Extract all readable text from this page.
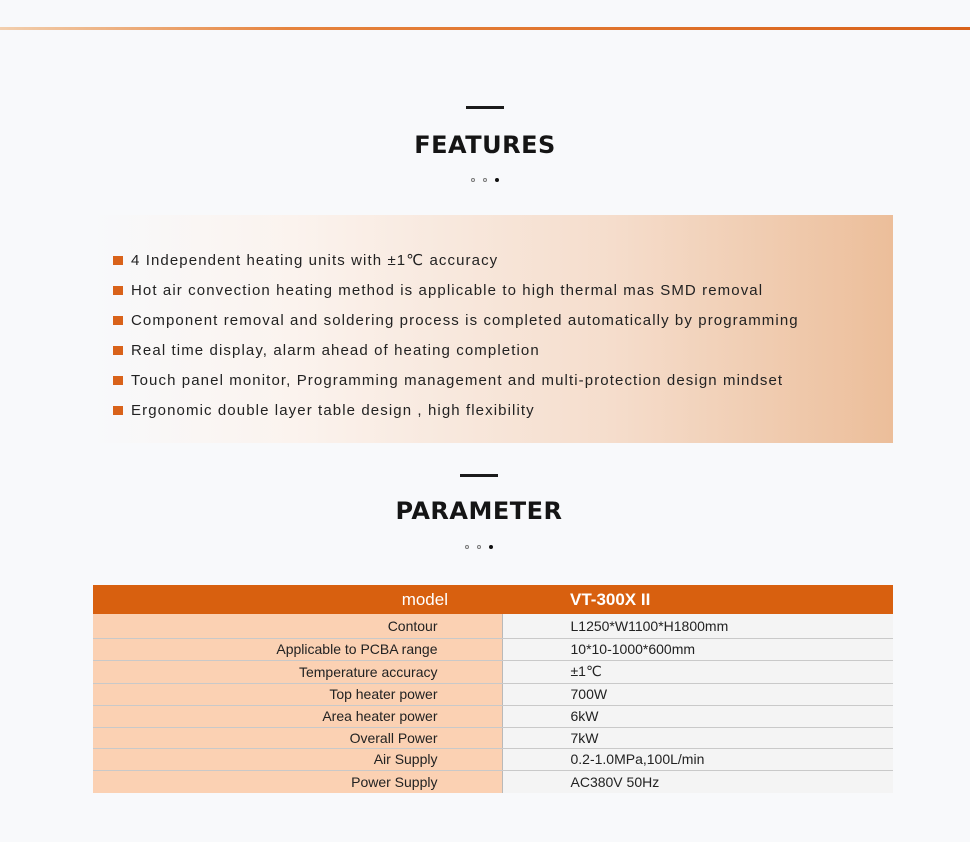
FEATURES
4 Independent heating units with ±1℃ accuracy
Hot air convection heating method is applicable to high thermal mas SMD removal
Component removal and soldering process is completed automatically by programming
Real time display, alarm ahead of heating completion
Touch panel monitor, Programming management and multi-protection design mindset
Ergonomic double layer table design , high flexibility
PARAMETER
model	VT-300X II
Contour	L1250*W1100*H1800mm
Applicable to PCBA range	10*10-1000*600mm
Temperature accuracy	±1℃
Top heater power	700W
Area heater power	6kW
Overall Power	7kW
Air Supply	0.2-1.0MPa,100L/min
Power Supply	AC380V 50Hz
